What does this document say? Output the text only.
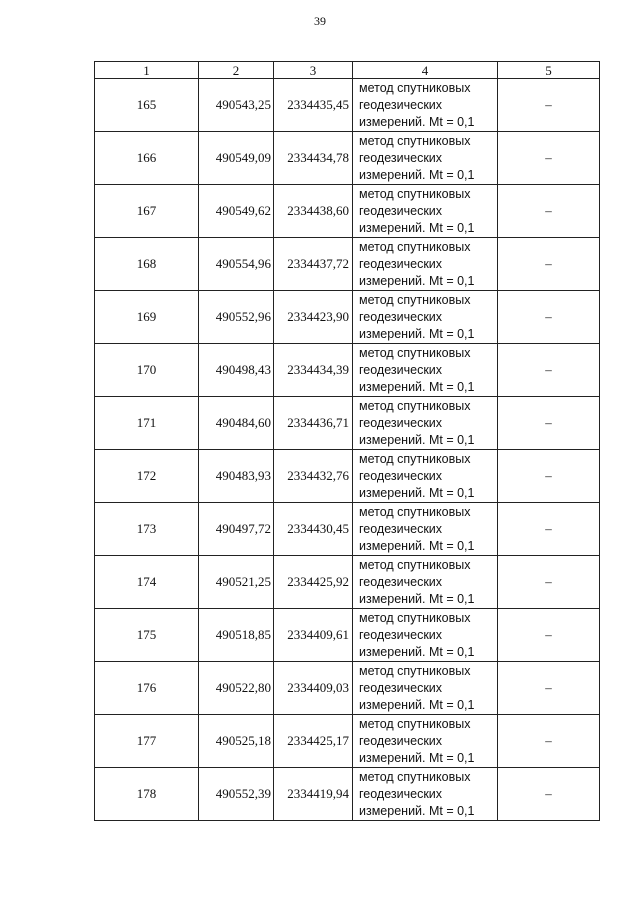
39
1	2	3	4	5
165	490543,25	2334435,45	метод спутниковых
геодезических
измерений. Mt = 0,1	–
166	490549,09	2334434,78	метод спутниковых
геодезических
измерений. Mt = 0,1	–
167	490549,62	2334438,60	метод спутниковых
геодезических
измерений. Mt = 0,1	–
168	490554,96	2334437,72	метод спутниковых
геодезических
измерений. Mt = 0,1	–
169	490552,96	2334423,90	метод спутниковых
геодезических
измерений. Mt = 0,1	–
170	490498,43	2334434,39	метод спутниковых
геодезических
измерений. Mt = 0,1	–
171	490484,60	2334436,71	метод спутниковых
геодезических
измерений. Mt = 0,1	–
172	490483,93	2334432,76	метод спутниковых
геодезических
измерений. Mt = 0,1	–
173	490497,72	2334430,45	метод спутниковых
геодезических
измерений. Mt = 0,1	–
174	490521,25	2334425,92	метод спутниковых
геодезических
измерений. Mt = 0,1	–
175	490518,85	2334409,61	метод спутниковых
геодезических
измерений. Mt = 0,1	–
176	490522,80	2334409,03	метод спутниковых
геодезических
измерений. Mt = 0,1	–
177	490525,18	2334425,17	метод спутниковых
геодезических
измерений. Mt = 0,1	–
178	490552,39	2334419,94	метод спутниковых
геодезических
измерений. Mt = 0,1	–
